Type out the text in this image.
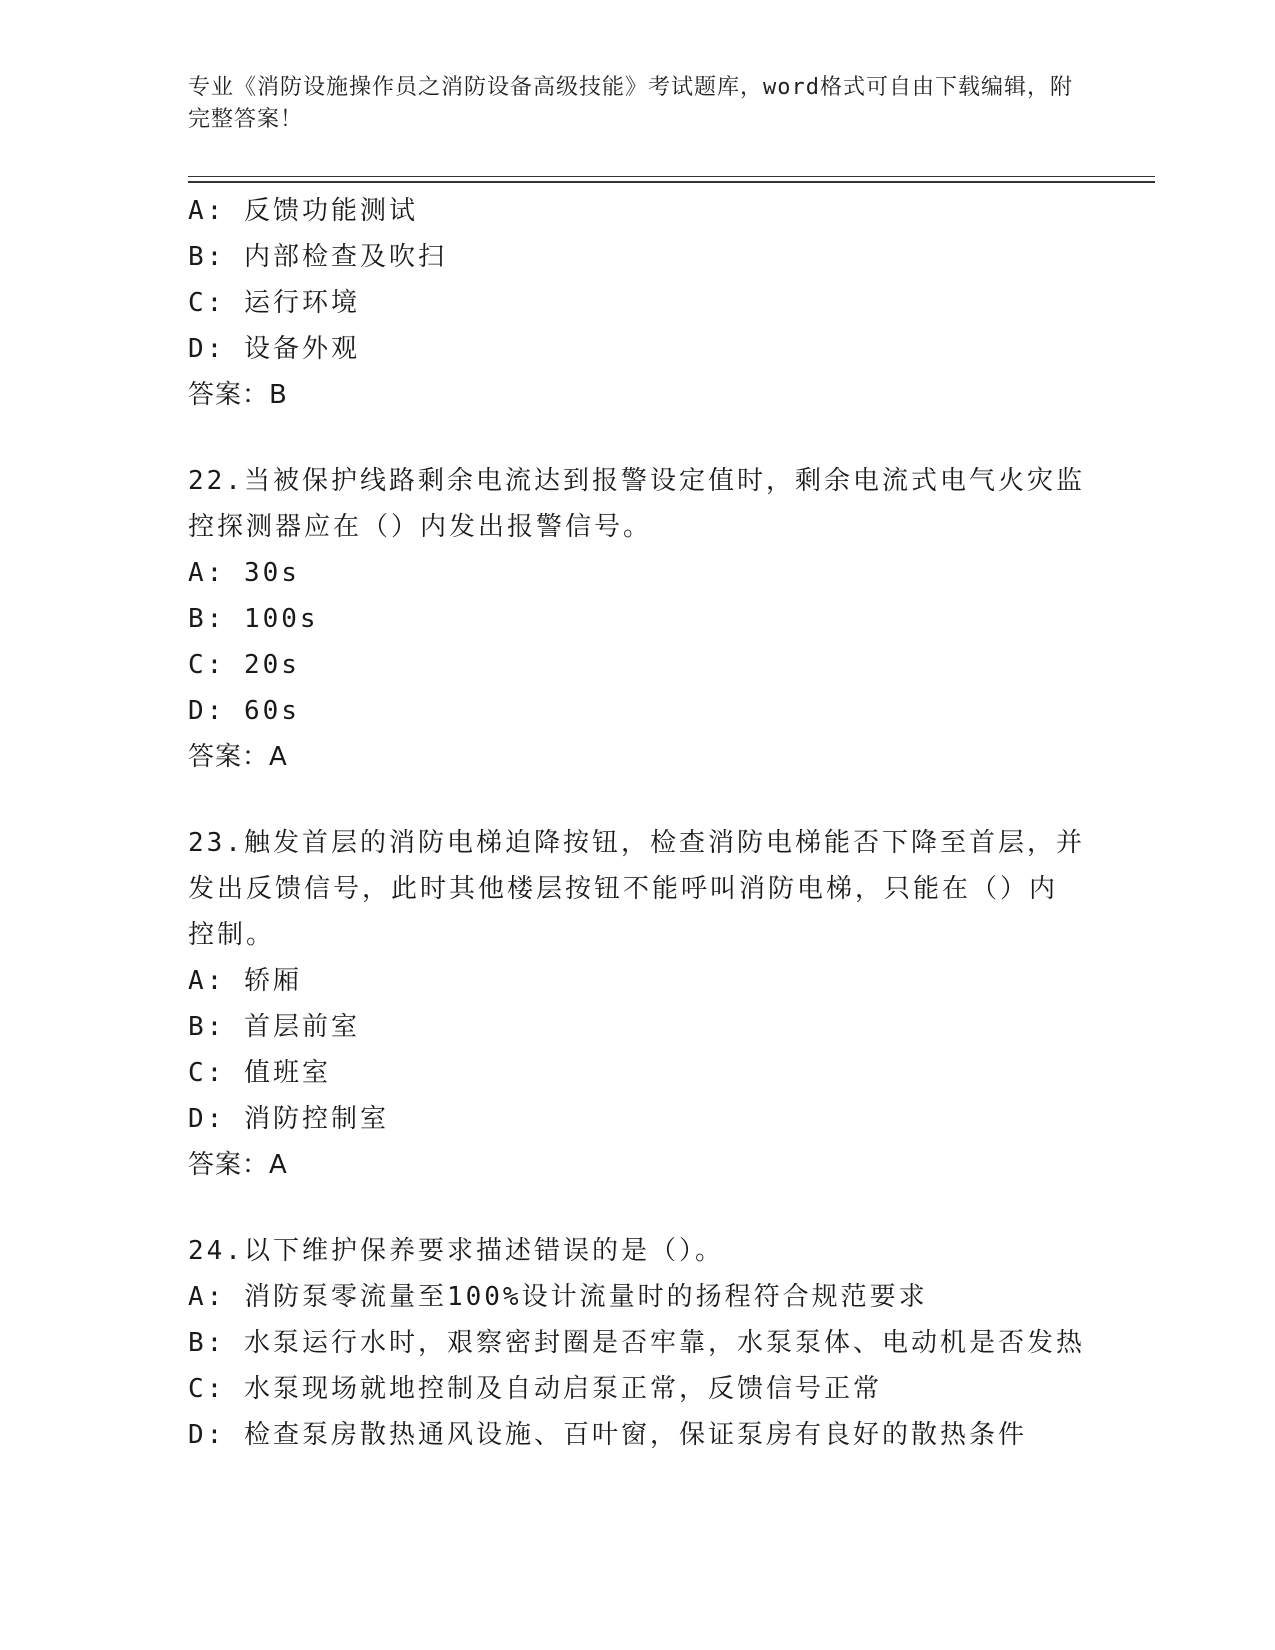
专业《消防设施操作员之消防设备高级技能》考试题库，word格式可自由下载编辑，附完整答案！
A: 反馈功能测试
B: 内部检查及吹扫
C: 运行环境
D: 设备外观
答案：B
22.当被保护线路剩余电流达到报警设定值时，剩余电流式电气火灾监
控探测器应在（）内发出报警信号。
A: 30s
B: 100s
C: 20s
D: 60s
答案：A
23.触发首层的消防电梯迫降按钮，检查消防电梯能否下降至首层，并
发出反馈信号，此时其他楼层按钮不能呼叫消防电梯，只能在（）内
控制。
A: 轿厢
B: 首层前室
C: 值班室
D: 消防控制室
答案：A
24.以下维护保养要求描述错误的是（）。
A: 消防泵零流量至100%设计流量时的扬程符合规范要求
B: 水泵运行水时，艰察密封圈是否牢靠，水泵泵体、电动机是否发热
C: 水泵现场就地控制及自动启泵正常，反馈信号正常
D: 检查泵房散热通风设施、百叶窗，保证泵房有良好的散热条件
